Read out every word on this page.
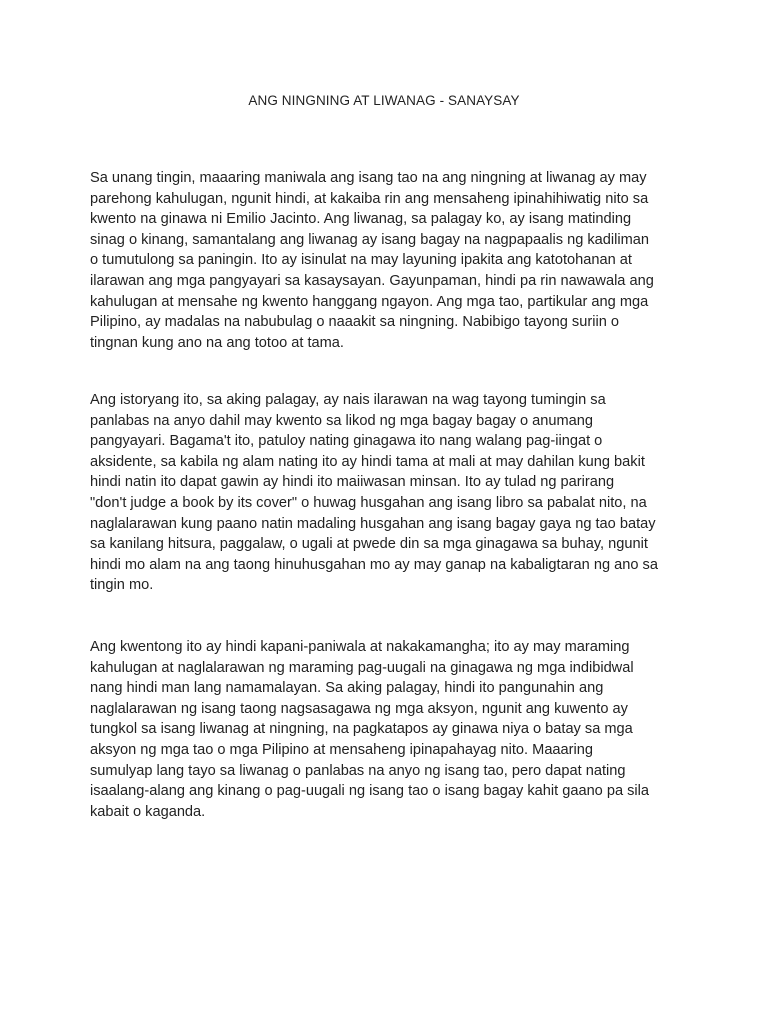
ANG NINGNING AT LIWANAG - SANAYSAY

Sa unang tingin, maaaring maniwala ang isang tao na ang ningning at liwanag ay may
parehong kahulugan, ngunit hindi, at kakaiba rin ang mensaheng ipinahihiwatig nito sa
kwento na ginawa ni Emilio Jacinto. Ang liwanag, sa palagay ko, ay isang matinding
sinag o kinang, samantalang ang liwanag ay isang bagay na nagpapaalis ng kadiliman
o tumutulong sa paningin. Ito ay isinulat na may layuning ipakita ang katotohanan at
ilarawan ang mga pangyayari sa kasaysayan. Gayunpaman, hindi pa rin nawawala ang
kahulugan at mensahe ng kwento hanggang ngayon. Ang mga tao, partikular ang mga
Pilipino, ay madalas na nabubulag o naaakit sa ningning. Nabibigo tayong suriin o
tingnan kung ano na ang totoo at tama.

Ang istoryang ito, sa aking palagay, ay nais ilarawan na wag tayong tumingin sa
panlabas na anyo dahil may kwento sa likod ng mga bagay bagay o anumang
pangyayari. Bagama't ito, patuloy nating ginagawa ito nang walang pag-iingat o
aksidente, sa kabila ng alam nating ito ay hindi tama at mali at may dahilan kung bakit
hindi natin ito dapat gawin ay hindi ito maiiwasan minsan. Ito ay tulad ng parirang
"don't judge a book by its cover" o huwag husgahan ang isang libro sa pabalat nito, na
naglalarawan kung paano natin madaling husgahan ang isang bagay gaya ng tao batay
sa kanilang hitsura, paggalaw, o ugali at pwede din sa mga ginagawa sa buhay, ngunit
hindi mo alam na ang taong hinuhusgahan mo ay may ganap na kabaligtaran ng ano sa
tingin mo.

Ang kwentong ito ay hindi kapani-paniwala at nakakamangha; ito ay may maraming
kahulugan at naglalarawan ng maraming pag-uugali na ginagawa ng mga indibidwal
nang hindi man lang namamalayan. Sa aking palagay, hindi ito pangunahin ang
naglalarawan ng isang taong nagsasagawa ng mga aksyon, ngunit ang kuwento ay
tungkol sa isang liwanag at ningning, na pagkatapos ay ginawa niya o batay sa mga
aksyon ng mga tao o mga Pilipino at mensaheng ipinapahayag nito. Maaaring
sumulyap lang tayo sa liwanag o panlabas na anyo ng isang tao, pero dapat nating
isaalang-alang ang kinang o pag-uugali ng isang tao o isang bagay kahit gaano pa sila
kabait o kaganda.
